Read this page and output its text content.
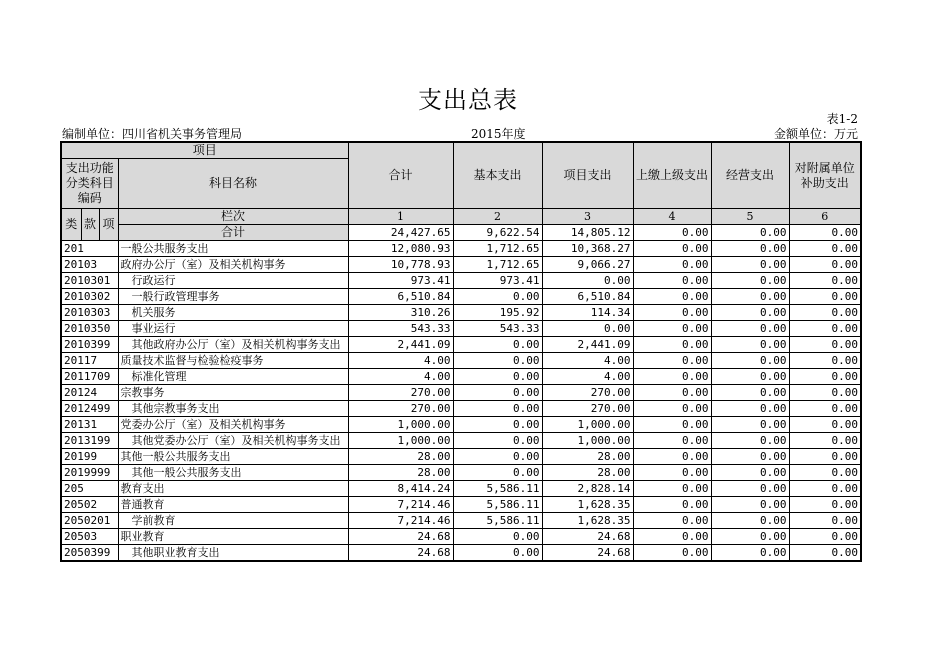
支出总表
表1-2
编制单位：四川省机关事务管理局	2015年度	金额单位：万元
项目				合计	基本支出	项目支出	上缴上级支出	经营支出	对附属单位补助支出
支出功能分类科目编码			科目名称						

类	款	项	栏次	1	2	3	4	5	6
			合计	24,427.65	9,622.54	14,805.12	0.00	0.00	0.00
201			一般公共服务支出	12,080.93	1,712.65	10,368.27	0.00	0.00	0.00
20103			政府办公厅（室）及相关机构事务	10,778.93	1,712.65	9,066.27	0.00	0.00	0.00
2010301			　行政运行	973.41	973.41	0.00	0.00	0.00	0.00
2010302			　一般行政管理事务	6,510.84	0.00	6,510.84	0.00	0.00	0.00
2010303			　机关服务	310.26	195.92	114.34	0.00	0.00	0.00
2010350			　事业运行	543.33	543.33	0.00	0.00	0.00	0.00
2010399			　其他政府办公厅（室）及相关机构事务支出	2,441.09	0.00	2,441.09	0.00	0.00	0.00
20117			质量技术监督与检验检疫事务	4.00	0.00	4.00	0.00	0.00	0.00
2011709			　标准化管理	4.00	0.00	4.00	0.00	0.00	0.00
20124			宗教事务	270.00	0.00	270.00	0.00	0.00	0.00
2012499			　其他宗教事务支出	270.00	0.00	270.00	0.00	0.00	0.00
20131			党委办公厅（室）及相关机构事务	1,000.00	0.00	1,000.00	0.00	0.00	0.00
2013199			　其他党委办公厅（室）及相关机构事务支出	1,000.00	0.00	1,000.00	0.00	0.00	0.00
20199			其他一般公共服务支出	28.00	0.00	28.00	0.00	0.00	0.00
2019999			　其他一般公共服务支出	28.00	0.00	28.00	0.00	0.00	0.00
205			教育支出	8,414.24	5,586.11	2,828.14	0.00	0.00	0.00
20502			普通教育	7,214.46	5,586.11	1,628.35	0.00	0.00	0.00
2050201			　学前教育	7,214.46	5,586.11	1,628.35	0.00	0.00	0.00
20503			职业教育	24.68	0.00	24.68	0.00	0.00	0.00
2050399			　其他职业教育支出	24.68	0.00	24.68	0.00	0.00	0.00
